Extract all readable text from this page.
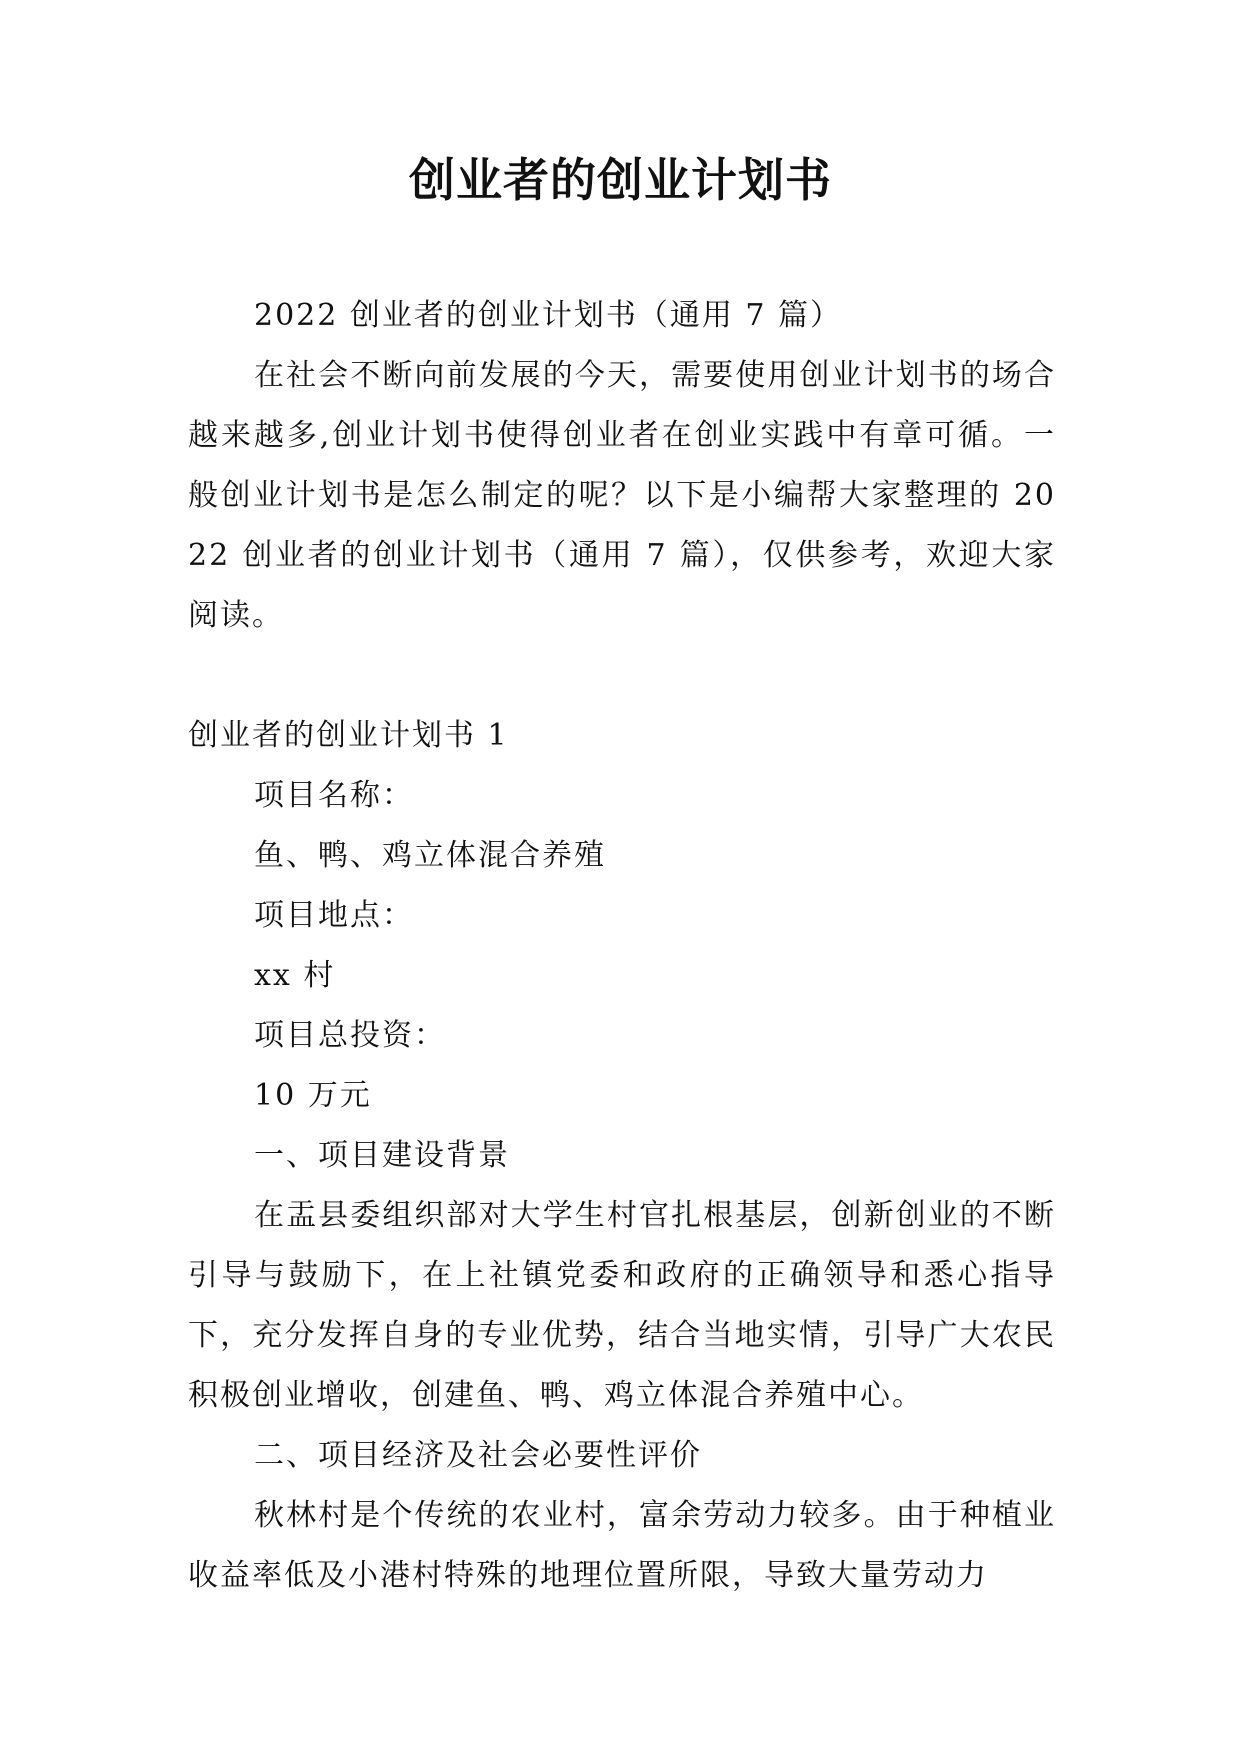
创业者的创业计划书

2022 创业者的创业计划书（通用 7 篇）

在社会不断向前发展的今天，需要使用创业计划书的场合越来越多,创业计划书使得创业者在创业实践中有章可循。一般创业计划书是怎么制定的呢？以下是小编帮大家整理的 2022 创业者的创业计划书（通用 7 篇），仅供参考，欢迎大家阅读。

创业者的创业计划书 1

项目名称：

鱼、鸭、鸡立体混合养殖

项目地点：

xx 村

项目总投资：

10 万元

一、项目建设背景

在盂县委组织部对大学生村官扎根基层，创新创业的不断引导与鼓励下，在上社镇党委和政府的正确领导和悉心指导下，充分发挥自身的专业优势，结合当地实情，引导广大农民积极创业增收，创建鱼、鸭、鸡立体混合养殖中心。

二、项目经济及社会必要性评价

秋林村是个传统的农业村，富余劳动力较多。由于种植业收益率低及小港村特殊的地理位置所限，导致大量劳动力
